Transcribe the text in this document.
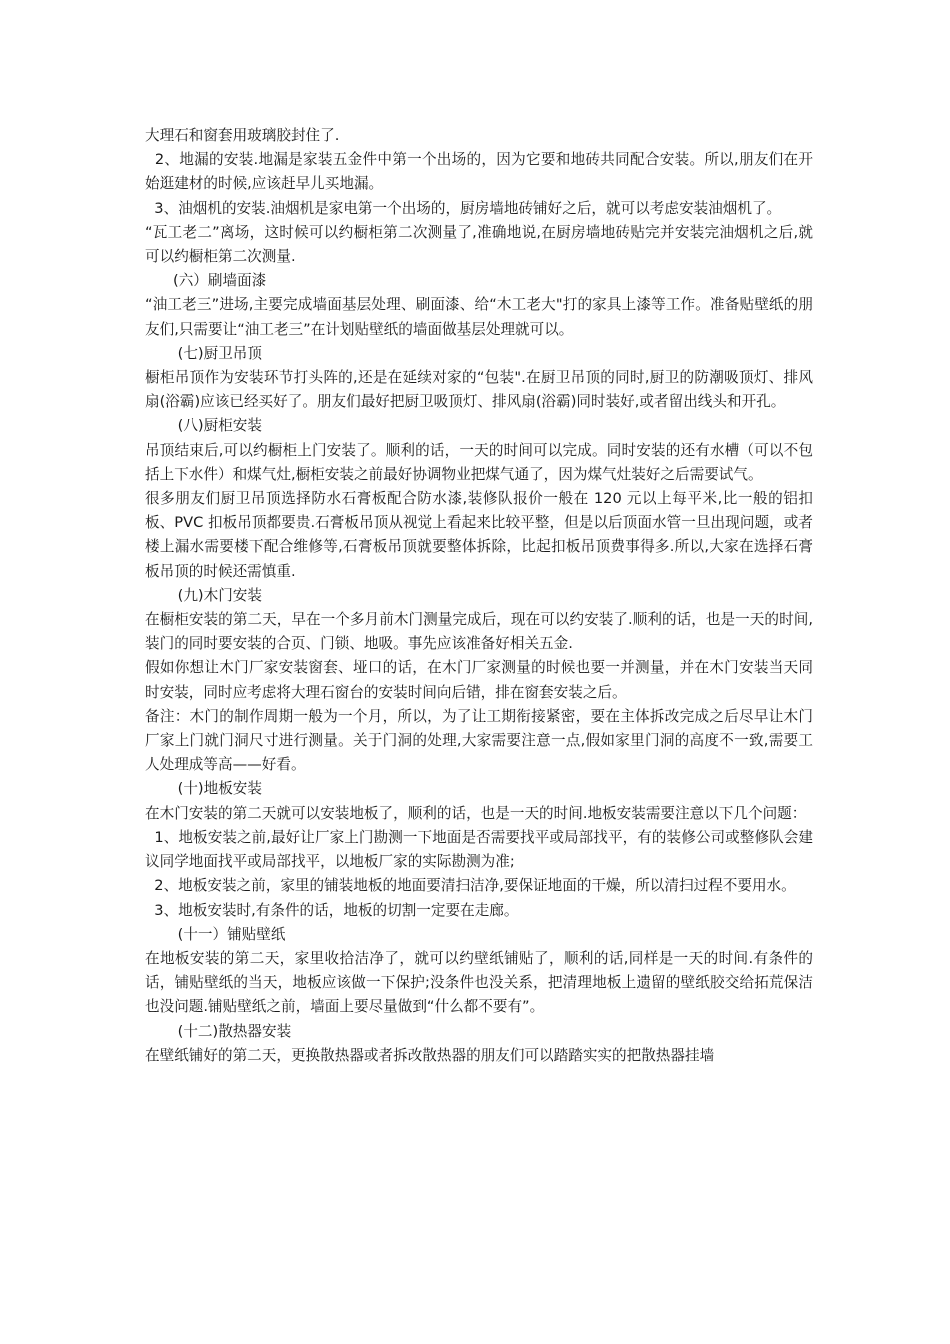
大理石和窗套用玻璃胶封住了.

2、地漏的安装.地漏是家装五金件中第一个出场的，因为它要和地砖共同配合安装。所以,朋友们在开始逛建材的时候,应该赶早儿买地漏。

3、油烟机的安装.油烟机是家电第一个出场的，厨房墙地砖铺好之后，就可以考虑安装油烟机了。

“瓦工老二”离场，这时候可以约橱柜第二次测量了,准确地说,在厨房墙地砖贴完并安装完油烟机之后,就可以约橱柜第二次测量.

(六）刷墙面漆

“油工老三”进场,主要完成墙面基层处理、刷面漆、给“木工老大"打的家具上漆等工作。准备贴壁纸的朋友们,只需要让“油工老三”在计划贴壁纸的墙面做基层处理就可以。

(七)厨卫吊顶

橱柜吊顶作为安装环节打头阵的,还是在延续对家的“包装".在厨卫吊顶的同时,厨卫的防潮吸顶灯、排风扇(浴霸)应该已经买好了。朋友们最好把厨卫吸顶灯、排风扇(浴霸)同时装好,或者留出线头和开孔。

(八)厨柜安装

吊顶结束后,可以约橱柜上门安装了。顺利的话，一天的时间可以完成。同时安装的还有水槽（可以不包括上下水件）和煤气灶,橱柜安装之前最好协调物业把煤气通了，因为煤气灶装好之后需要试气。

很多朋友们厨卫吊顶选择防水石膏板配合防水漆,装修队报价一般在 120 元以上每平米,比一般的铝扣板、PVC 扣板吊顶都要贵.石膏板吊顶从视觉上看起来比较平整，但是以后顶面水管一旦出现问题，或者楼上漏水需要楼下配合维修等,石膏板吊顶就要整体拆除，比起扣板吊顶费事得多.所以,大家在选择石膏板吊顶的时候还需慎重.

(九)木门安装

在橱柜安装的第二天，早在一个多月前木门测量完成后，现在可以约安装了.顺利的话，也是一天的时间,装门的同时要安装的合页、门锁、地吸。事先应该准备好相关五金.

假如你想让木门厂家安装窗套、垭口的话，在木门厂家测量的时候也要一并测量，并在木门安装当天同时安装，同时应考虑将大理石窗台的安装时间向后错，排在窗套安装之后。

备注：木门的制作周期一般为一个月，所以，为了让工期衔接紧密，要在主体拆改完成之后尽早让木门厂家上门就门洞尺寸进行测量。关于门洞的处理,大家需要注意一点,假如家里门洞的高度不一致,需要工人处理成等高——好看。

(十)地板安装

在木门安装的第二天就可以安装地板了，顺利的话，也是一天的时间.地板安装需要注意以下几个问题：

1、地板安装之前,最好让厂家上门勘测一下地面是否需要找平或局部找平，有的装修公司或整修队会建议同学地面找平或局部找平，以地板厂家的实际勘测为准;

2、地板安装之前，家里的铺装地板的地面要清扫洁净,要保证地面的干燥，所以清扫过程不要用水。

3、地板安装时,有条件的话，地板的切割一定要在走廊。

(十一）铺贴壁纸

在地板安装的第二天，家里收拾洁净了，就可以约壁纸铺贴了，顺利的话,同样是一天的时间.有条件的话，铺贴壁纸的当天，地板应该做一下保护;没条件也没关系，把清理地板上遗留的壁纸胶交给拓荒保洁也没问题.铺贴壁纸之前，墙面上要尽量做到“什么都不要有”。

(十二)散热器安装

在壁纸铺好的第二天，更换散热器或者拆改散热器的朋友们可以踏踏实实的把散热器挂墙
